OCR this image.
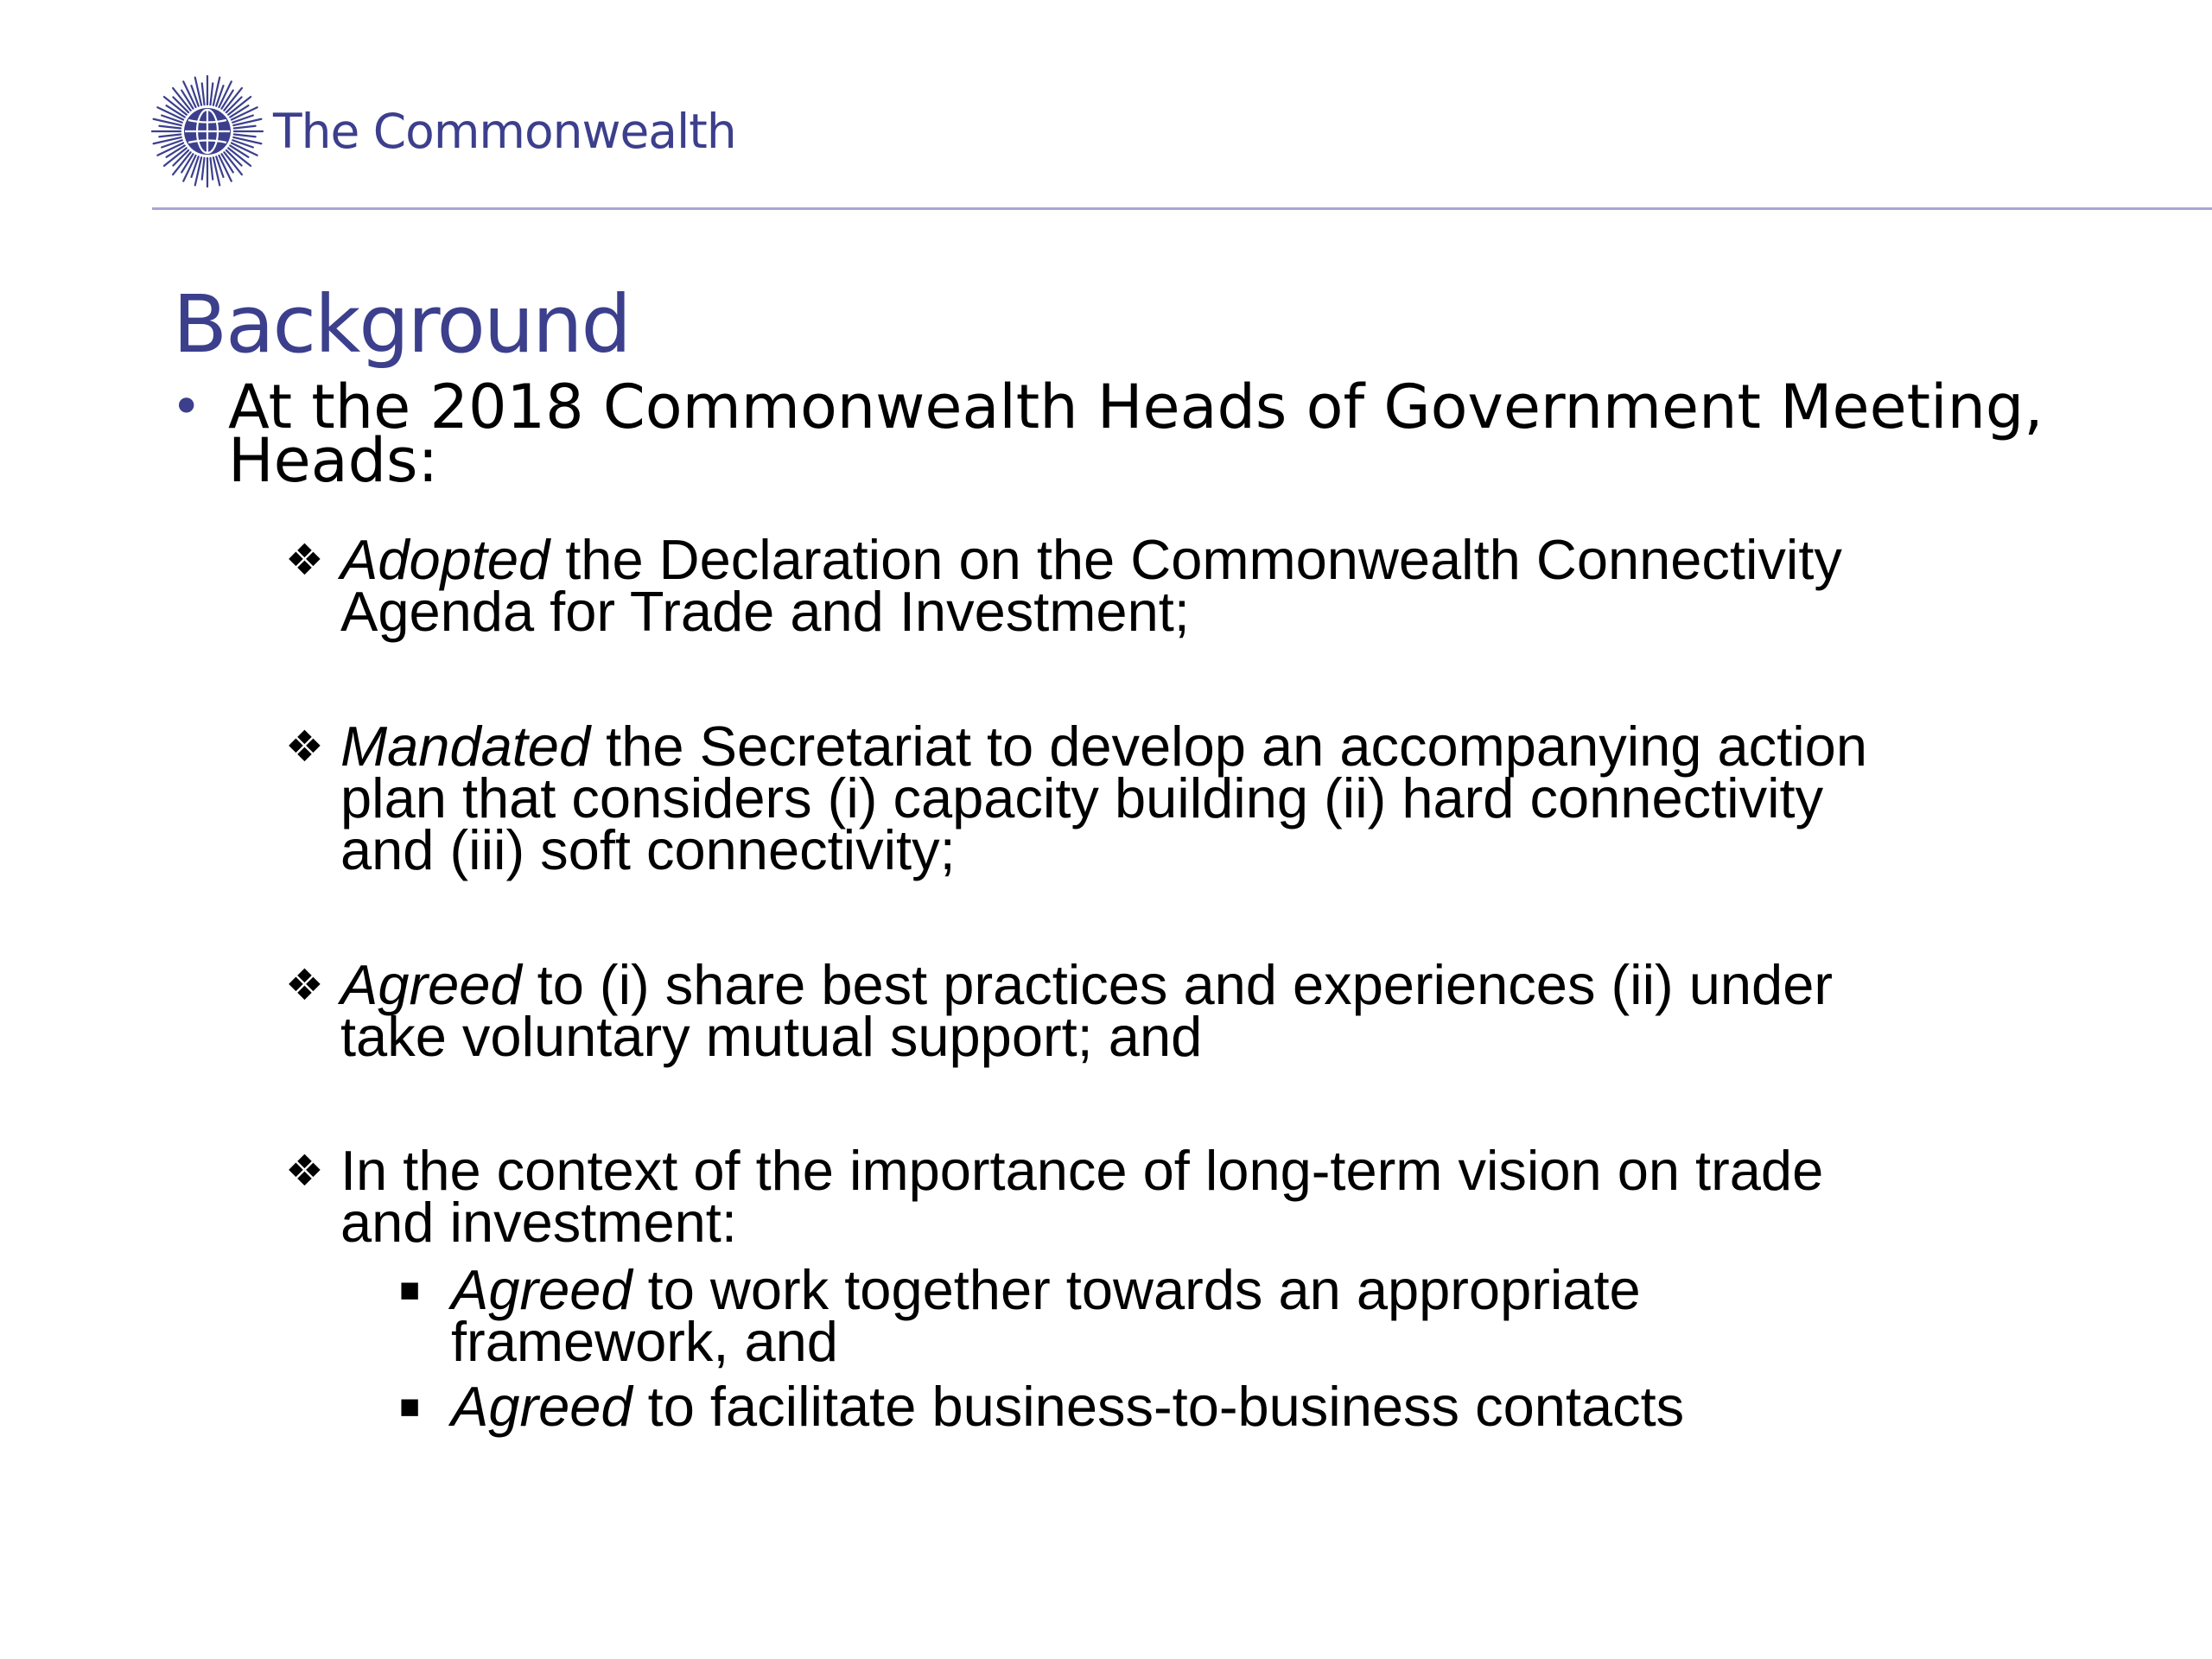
The Commonwealth
Background
• At the 2018 Commonwealth Heads of Government Meeting,
Heads:

❖ Adopted the Declaration on the Commonwealth Connectivity
Agenda for Trade and Investment;

❖ Mandated the Secretariat to develop an accompanying action
plan that considers (i) capacity building (ii) hard connectivity
and (iii) soft connectivity;

❖ Agreed to (i) share best practices and experiences (ii) under
take voluntary mutual support; and

❖ In the context of the importance of long-term vision on trade
and investment:

■ Agreed to work together towards an appropriate
framework, and

■ Agreed to facilitate business-to-business contacts
